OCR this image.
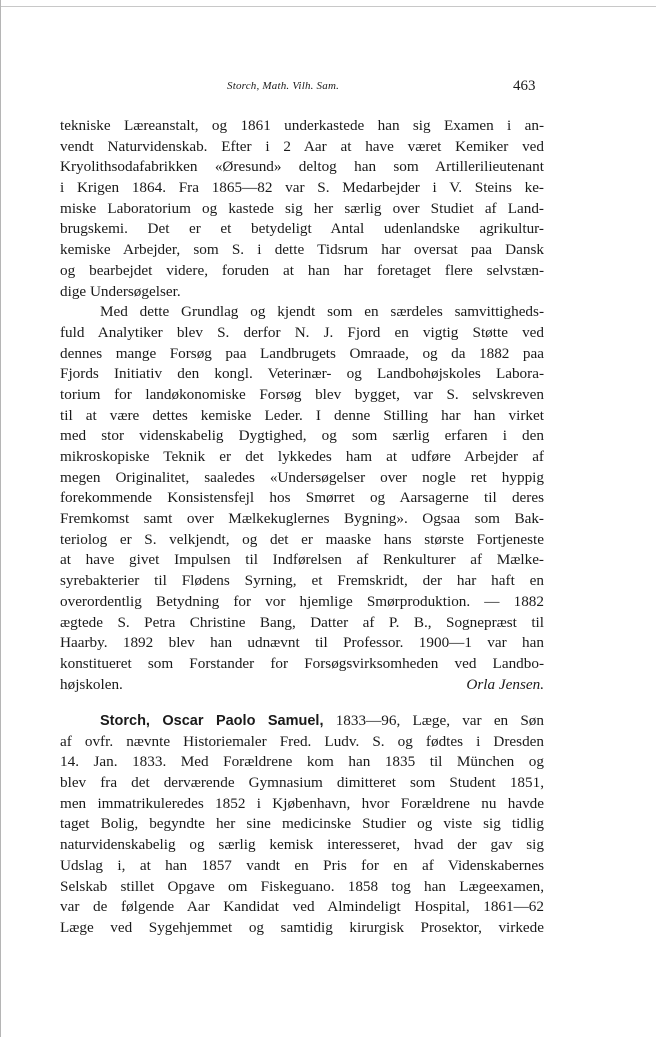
Storch, Math. Vilh. Sam.	463
tekniske Læreanstalt, og 1861 underkastede han sig Examen i an-
vendt Naturvidenskab. Efter i 2 Aar at have været Kemiker ved
Kryolithsodafabrikken «Øresund» deltog han som Artillerilieutenant
i Krigen 1864. Fra 1865—82 var S. Medarbejder i V. Steins ke-
miske Laboratorium og kastede sig her særlig over Studiet af Land-
brugskemi. Det er et betydeligt Antal udenlandske agrikultur-
kemiske Arbejder, som S. i dette Tidsrum har oversat paa Dansk
og bearbejdet videre, foruden at han har foretaget flere selvstæn-
dige Undersøgelser.
Med dette Grundlag og kjendt som en særdeles samvittigheds-
fuld Analytiker blev S. derfor N. J. Fjord en vigtig Støtte ved
dennes mange Forsøg paa Landbrugets Omraade, og da 1882 paa
Fjords Initiativ den kongl. Veterinær- og Landbohøjskoles Labora-
torium for landøkonomiske Forsøg blev bygget, var S. selvskreven
til at være dettes kemiske Leder. I denne Stilling har han virket
med stor videnskabelig Dygtighed, og som særlig erfaren i den
mikroskopiske Teknik er det lykkedes ham at udføre Arbejder af
megen Originalitet, saaledes «Undersøgelser over nogle ret hyppig
forekommende Konsistensfejl hos Smørret og Aarsagerne til deres
Fremkomst samt over Mælkekuglernes Bygning». Ogsaa som Bak-
teriolog er S. velkjendt, og det er maaske hans største Fortjeneste
at have givet Impulsen til Indførelsen af Renkulturer af Mælke-
syrebakterier til Flødens Syrning, et Fremskridt, der har haft en
overordentlig Betydning for vor hjemlige Smørproduktion. — 1882
ægtede S. Petra Christine Bang, Datter af P. B., Sognepræst til
Haarby. 1892 blev han udnævnt til Professor. 1900—1 var han
konstitueret som Forstander for Forsøgsvirksomheden ved Landbo-
højskolen.	Orla Jensen.
Storch, Oscar Paolo Samuel, 1833—96, Læge, var en Søn
af ovfr. nævnte Historiemaler Fred. Ludv. S. og fødtes i Dresden
14. Jan. 1833. Med Forældrene kom han 1835 til München og
blev fra det derværende Gymnasium dimitteret som Student 1851,
men immatrikuleredes 1852 i Kjøbenhavn, hvor Forældrene nu havde
taget Bolig, begyndte her sine medicinske Studier og viste sig tidlig
naturvidenskabelig og særlig kemisk interesseret, hvad der gav sig
Udslag i, at han 1857 vandt en Pris for en af Videnskabernes
Selskab stillet Opgave om Fiskeguano. 1858 tog han Lægeexamen,
var de følgende Aar Kandidat ved Almindeligt Hospital, 1861—62
Læge ved Sygehjemmet og samtidig kirurgisk Prosektor, virkede
